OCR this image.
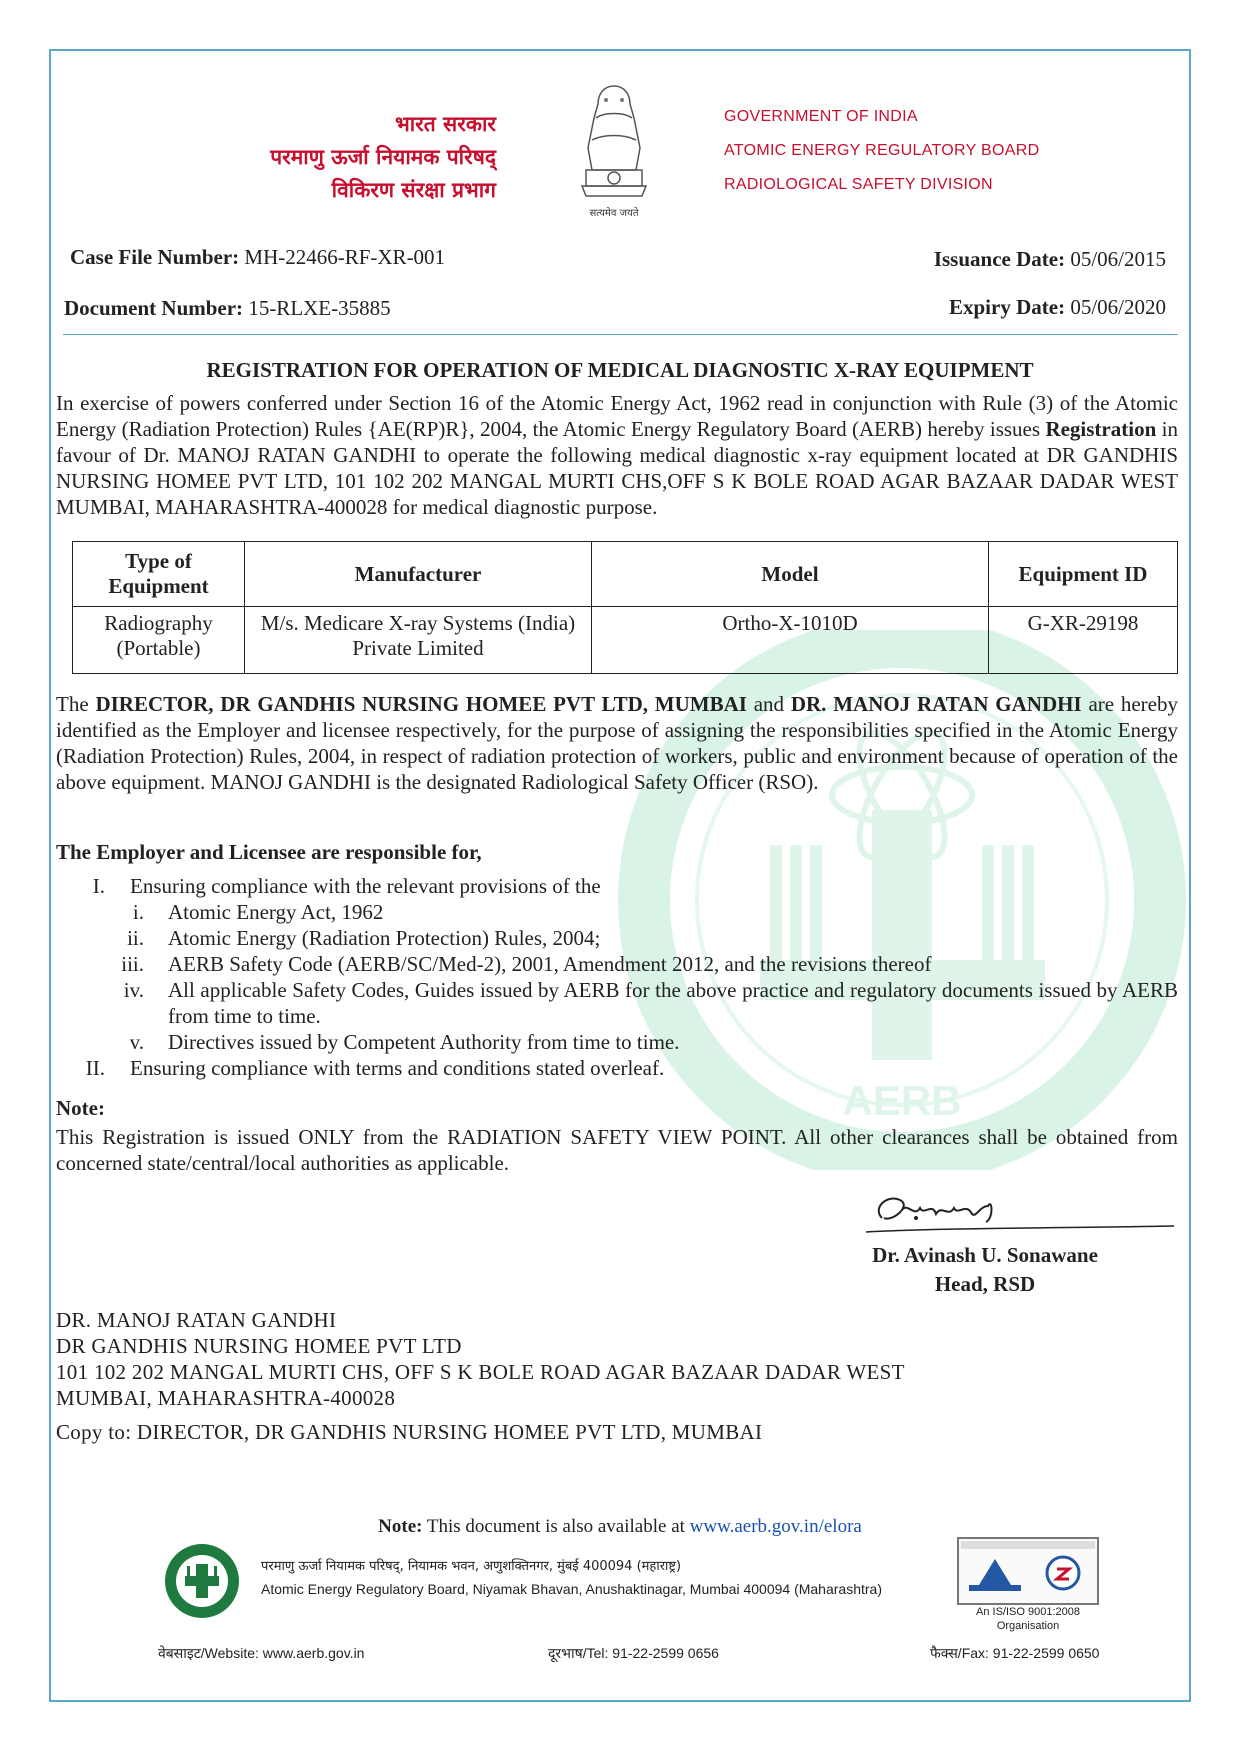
AERB
भारत सरकार
परमाणु ऊर्जा नियामक परिषद्
विकिरण संरक्षा प्रभाग
सत्यमेव जयते
GOVERNMENT OF INDIA
ATOMIC ENERGY REGULATORY BOARD
RADIOLOGICAL SAFETY DIVISION
Case File Number: MH-22466-RF-XR-001	Issuance Date: 05/06/2015
Document Number: 15-RLXE-35885	Expiry Date: 05/06/2020
REGISTRATION FOR OPERATION OF MEDICAL DIAGNOSTIC X-RAY EQUIPMENT

In exercise of powers conferred under Section 16 of the Atomic Energy Act, 1962 read in conjunction with Rule (3) of the Atomic Energy (Radiation Protection) Rules {AE(RP)R}, 2004, the Atomic Energy Regulatory Board (AERB) hereby issues Registration in favour of Dr. MANOJ RATAN GANDHI to operate the following medical diagnostic x-ray equipment located at DR GANDHIS NURSING HOMEE PVT LTD, 101 102 202 MANGAL MURTI CHS,OFF S K BOLE ROAD AGAR BAZAAR DADAR WEST MUMBAI, MAHARASHTRA-400028 for medical diagnostic purpose.

Type of Equipment	Manufacturer	Model	Equipment ID
Radiography (Portable)	M/s. Medicare X-ray Systems (India) Private Limited	Ortho-X-1010D	G-XR-29198

The DIRECTOR, DR GANDHIS NURSING HOMEE PVT LTD, MUMBAI and DR. MANOJ RATAN GANDHI are hereby identified as the Employer and licensee respectively, for the purpose of assigning the responsibilities specified in the Atomic Energy (Radiation Protection) Rules, 2004, in respect of radiation protection of workers, public and environment because of operation of the above equipment. MANOJ GANDHI is the designated Radiological Safety Officer (RSO).

The Employer and Licensee are responsible for,
I.	Ensuring compliance with the relevant provisions of the
i.	Atomic Energy Act, 1962
ii.	Atomic Energy (Radiation Protection) Rules, 2004;
iii.	AERB Safety Code (AERB/SC/Med-2), 2001, Amendment 2012, and the revisions thereof
iv.	All applicable Safety Codes, Guides issued by AERB for the above practice and regulatory documents issued by AERB from time to time.
v.	Directives issued by Competent Authority from time to time.
II.	Ensuring compliance with terms and conditions stated overleaf.
Note:

This Registration is issued ONLY from the RADIATION SAFETY VIEW POINT. All other clearances shall be obtained from concerned state/central/local authorities as applicable.

Dr. Avinash U. Sonawane
Head, RSD
DR. MANOJ RATAN GANDHI
DR GANDHIS NURSING HOMEE PVT LTD
101 102 202 MANGAL MURTI CHS, OFF S K BOLE ROAD AGAR BAZAAR DADAR WEST
MUMBAI, MAHARASHTRA-400028
Copy to: DIRECTOR, DR GANDHIS NURSING HOMEE PVT LTD, MUMBAI
Note: This document is also available at www.aerb.gov.in/elora
परमाणु ऊर्जा नियामक परिषद्, नियामक भवन, अणुशक्तिनगर, मुंबई 400094 (महाराष्ट्र)
Atomic Energy Regulatory Board, Niyamak Bhavan, Anushaktinagar, Mumbai 400094 (Maharashtra)
An IS/ISO 9001:2008 Organisation
वेबसाइट/Website: www.aerb.gov.in	दूरभाष/Tel: 91-22-2599 0656	फैक्स/Fax: 91-22-2599 0650
